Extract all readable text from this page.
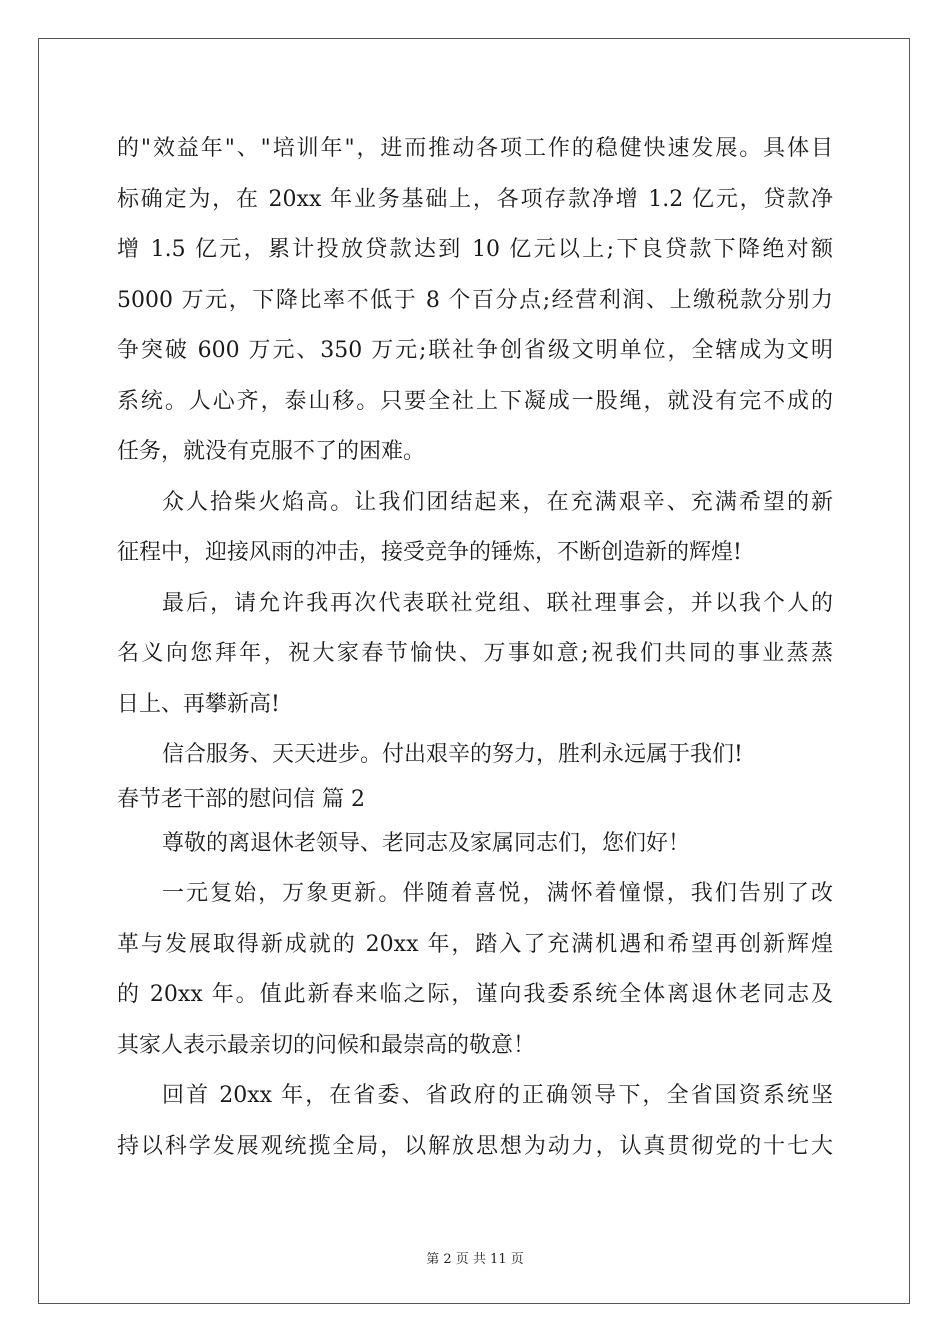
的"效益年"、"培训年"，进而推动各项工作的稳健快速发展。具体目
标确定为，在 20xx 年业务基础上，各项存款净增 1.2 亿元，贷款净
增 1.5 亿元，累计投放贷款达到 10 亿元以上;下良贷款下降绝对额
5000 万元，下降比率不低于 8 个百分点;经营利润、上缴税款分别力
争突破 600 万元、350 万元;联社争创省级文明单位，全辖成为文明
系统。人心齐，泰山移。只要全社上下凝成一股绳，就没有完不成的
任务，就没有克服不了的困难。
众人拾柴火焰高。让我们团结起来，在充满艰辛、充满希望的新
征程中，迎接风雨的冲击，接受竞争的锤炼，不断创造新的辉煌!
最后，请允许我再次代表联社党组、联社理事会，并以我个人的
名义向您拜年，祝大家春节愉快、万事如意;祝我们共同的事业蒸蒸
日上、再攀新高!
信合服务、天天进步。付出艰辛的努力，胜利永远属于我们!
春节老干部的慰问信 篇 2
尊敬的离退休老领导、老同志及家属同志们，您们好！
一元复始，万象更新。伴随着喜悦，满怀着憧憬，我们告别了改
革与发展取得新成就的 20xx 年，踏入了充满机遇和希望再创新辉煌
的 20xx 年。值此新春来临之际，谨向我委系统全体离退休老同志及
其家人表示最亲切的问候和最崇高的敬意！
回首 20xx 年，在省委、省政府的正确领导下，全省国资系统坚
持以科学发展观统揽全局，以解放思想为动力，认真贯彻党的十七大
第 2 页 共 11 页
